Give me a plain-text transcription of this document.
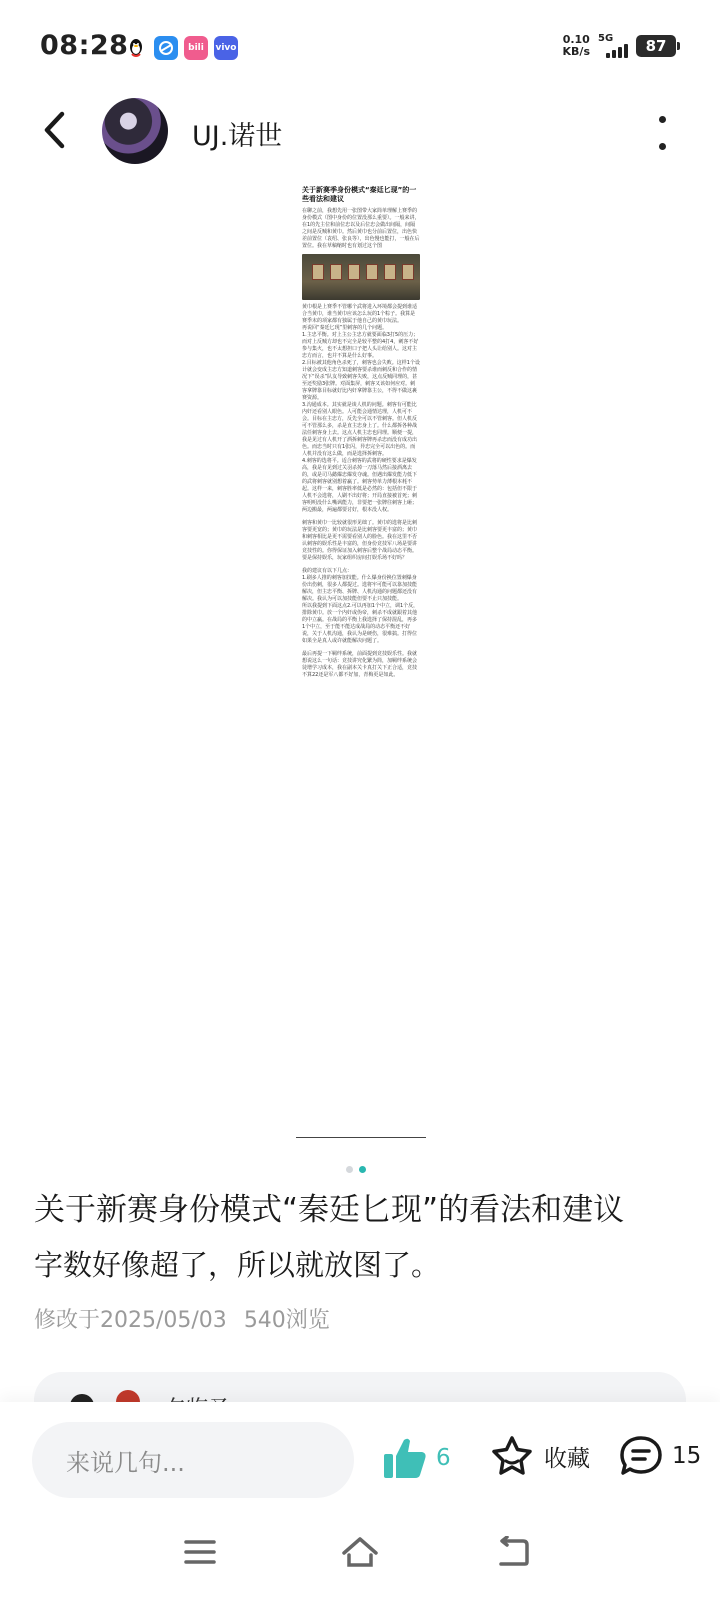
08:28	bili vivo
0.10
KB/s
5G 87
UJ.诺世
关于新赛季身份模式“秦廷匕现”的一些看法和建议
在聊之前，我想先用一张图带大家简单理解上赛季的身份模式（图中身份的位置没那么重要）。一般来讲，在1的先主位和前位忠以及后位忠会做出间隔，间隔之间是反贼和黄巾。然后黄巾也分前后置位，出色快差前置位（袁绍、张良等），出色慢也能打，一般在后置位。我在草稿缩时也有划过这个图
黄巾根是上赛季不管哪个武将进入环境都会提到谁适合当黄巾，谁当黄巾应该怎么玩的1个粽子。我算是赛季末的项家都有独属于他自己的黄巾玩法。
再说回“秦廷匕现”里刺客的几个问题。
1.主忠平衡。对上主公主忠方就要面临3打5的压力；而对上反贼方却也不完全是较平整的4打4，刺客不好参与集火，也不太想担口子把人头让给别人。这对主忠方而言，也并不算是什么好事。
2.目标被其他角色杀死了，刺客也会失败。这样1个设计就会变成主忠方知道刺客要杀谁而刺反和合作的情况下“误杀”队友导致刺客失败，这点反贼同理的，甚至还奖励3张牌。对面集屏，刺客又该如何应对。刺客拿牌靠目标就好比内奸拿牌靠主公，不得不做这裹赛资源。
3.沟通成本。其实就是谈人机的问题。刺客有可能比内奸还看别人眼色。人可能会通情达理，人机可不会。目标在主忠方，反先全可以不管刺客。但人机反可不管那么多，杀是直主忠身上了。什么都拆各种战法任刺客身上去。这点人机主忠也同理。顺便一提，我是见过有人机开了酒拆刺客牌再杀忠而没有成功出色。而忠当时只有1张闪，异忠完全可以出色的。而人机并没有这么做，而是选择拆刺客。
4.刺客的选将平。适合刺客的武将的硬性要求是爆发高，我是有见到过关羽杀掉一刀落马然后接酒离去的，或是司马懿爆忠爆发夺魂。但遇出爆发能力低下的武将刺客就别想着赢了。刺客势单力薄根本耗不起。这样一来，刺客胜率低是必然的：包括但不限于人机不会选将，人刷不出好将；开局直接被首死；刺客明明没什么嘴讽能力，非要把一张牌往刺客上砸；两边搬最，两遍都要讨好，根本没人权。
刺客和黄巾一比较就很形见绌了。黄巾的选将是比刺客要更宽的；黄巾的玩法是比刺客要更丰富的；黄巾和刺客相比是更不需要看别人的脸色。我在这里不否认刺客的娱乐性是丰富的，但身份竞技军八场是要讲竞技性的。你得保证加入刺客后整个战局动态平衡。要是保持娱乐，玩家组织房间打娱乐场不好吗？
我的建议有以下几点：
1.刷多人推的刺客加技能。什么爆身份换位置刺爆身份出伤刺，很多人都提过。选将牢可能可以靠加技能解决，但主忠平衡、拆牌、人机沟通的问题都还没有解决。我认为可以加技能但要不止只加技能。
所以我提到下面这点2.可以再加1个中立，调1个反，排除黄巾。放一个内奸或伪帝，刺杀不成就跟着其他的中立赢。在战局的平衡上我选择了保持混乱，再多1个中立，至于能不能达成战局的动态平衡还不好说，关于人机沟通，我认为是硬伤，很难搞。打得位如果全是真人或许就能解决问题了。
最后再提一下羁绊系统，前面提到竞技娱乐性。我就想说这么一句话：竞技讲究化繁为简，加羁绊系统会徒增学习成本，我在副本关卡真打关下正合适，竞技不算22还是军八都不好加，青梅更是如此。
关于新赛身份模式“秦廷匕现”的看法和建议
字数好像超了，所以就放图了。
修改于2025/05/03 540浏览
来说几句...	6	收藏	15
